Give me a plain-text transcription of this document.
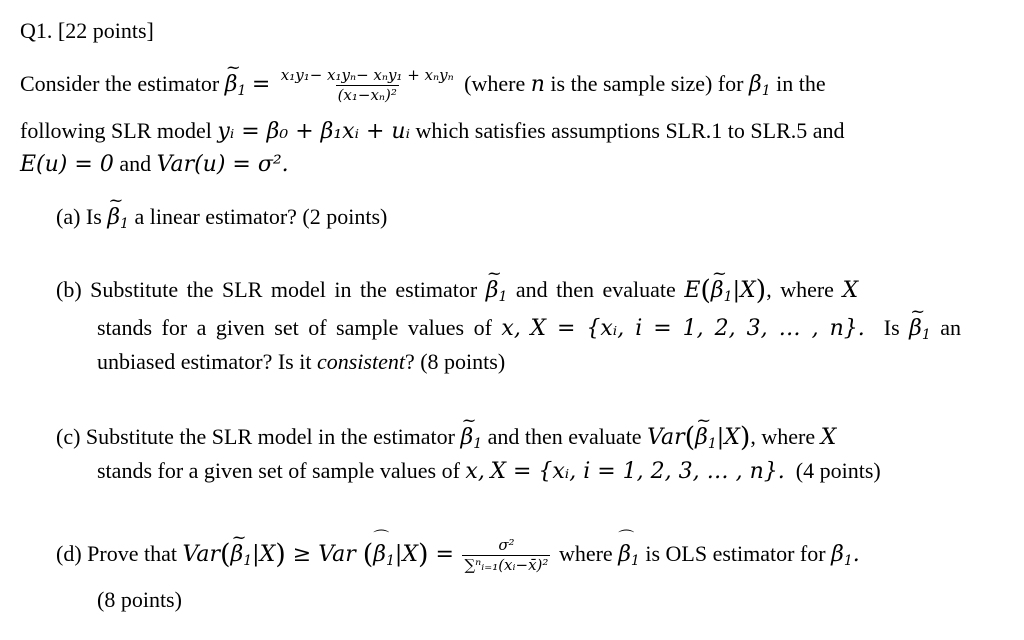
Q1. [22 points]
Consider the estimator ~ $\beta_1 = \frac{\text{x₁y₁− x₁yₙ− xₙy₁ + xₙyₙ}}{\text{(x₁−xₙ)²}}$ (where n is the sample size) for $\beta_1$ in the
following SLR model yᵢ = β₀ + β₁xᵢ + uᵢ which satisfies assumptions SLR.1 to SLR.5 and
E(u) = 0 and Var(u) = σ².
(a) Is ~ $\beta_1$ a linear estimator? (2 points)
(b) Substitute the SLR model in the estimator ~ $\beta_1$ and then evaluate E(~ $\beta_1|X$), where X
stands for a given set of sample values of x, X = {xᵢ, i = 1, 2, 3, … , n}. Is ~ $\beta_1$ an
unbiased estimator? Is it consistent? (8 points)
(c) Substitute the SLR model in the estimator ~ $\beta_1$ and then evaluate Var(~ $\beta_1|X$), where X
stands for a given set of sample values of x, X = {xᵢ, i = 1, 2, 3, … , n}. (4 points)
(d) Prove that Var(~ $\beta_1|X$) ≥ Var (⌒ $\beta_1|X) = \frac{\text{σ²}}{\text{∑ⁿᵢ₌₁(xᵢ−x̄)²}}$ where ⌒ $\beta_1$ is OLS estimator for $\beta_1$.
(8 points)
